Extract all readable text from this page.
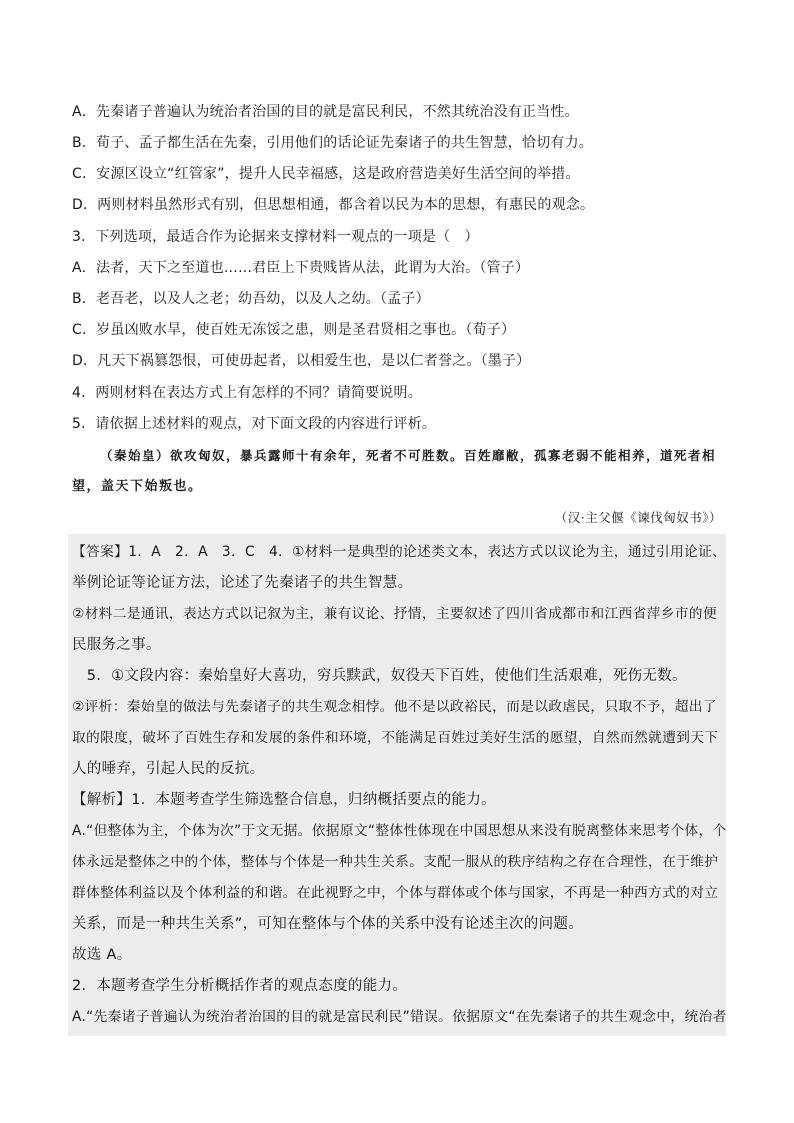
A．先秦诸子普遍认为统治者治国的目的就是富民利民，不然其统治没有正当性。
B．荀子、孟子都生活在先秦，引用他们的话论证先秦诸子的共生智慧，恰切有力。
C．安源区设立“红管家”，提升人民幸福感，这是政府营造美好生活空间的举措。
D．两则材料虽然形式有别，但思想相通，都含着以民为本的思想，有惠民的观念。
3．下列选项，最适合作为论据来支撑材料一观点的一项是（　）
A．法者，天下之至道也……君臣上下贵贱皆从法，此谓为大治。（管子）
B．老吾老，以及人之老；幼吾幼，以及人之幼。（孟子）
C．岁虽凶败水旱，使百姓无冻馁之患，则是圣君贤相之事也。（荀子）
D．凡天下祸篡怨恨，可使毋起者，以相爱生也，是以仁者誉之。（墨子）
4．两则材料在表达方式上有怎样的不同？请简要说明。
5．请依据上述材料的观点，对下面文段的内容进行评析。
（秦始皇）欲攻匈奴，暴兵露师十有余年，死者不可胜数。百姓靡敝，孤寡老弱不能相养，道死者相
望，盖天下始叛也。
（汉·主父偃《谏伐匈奴书》）
【答案】1．A　2．A　3．C　4．①材料一是典型的论述类文本，表达方式以议论为主，通过引用论证、
举例论证等论证方法，论述了先秦诸子的共生智慧。
②材料二是通讯，表达方式以记叙为主，兼有议论、抒情，主要叙述了四川省成都市和江西省萍乡市的便
民服务之事。
　5．①文段内容：秦始皇好大喜功，穷兵黩武，奴役天下百姓，使他们生活艰难，死伤无数。
②评析：秦始皇的做法与先秦诸子的共生观念相悖。他不是以政裕民，而是以政虐民，只取不予，超出了
取的限度，破坏了百姓生存和发展的条件和环境，不能满足百姓过美好生活的愿望，自然而然就遭到天下
人的唾弃，引起人民的反抗。
【解析】1．本题考查学生筛选整合信息，归纳概括要点的能力。
A.“但整体为主，个体为次”于文无据。依据原文“整体性体现在中国思想从来没有脱离整体来思考个体，个
体永远是整体之中的个体，整体与个体是一种共生关系。支配一服从的秩序结构之存在合理性，在于维护
群体整体利益以及个体利益的和谐。在此视野之中，个体与群体或个体与国家，不再是一种西方式的对立
关系，而是一种共生关系”，可知在整体与个体的关系中没有论述主次的问题。
故选 A。
2．本题考查学生分析概括作者的观点态度的能力。
A.“先秦诸子普遍认为统治者治国的目的就是富民利民”错误。依据原文“在先秦诸子的共生观念中，统治者
